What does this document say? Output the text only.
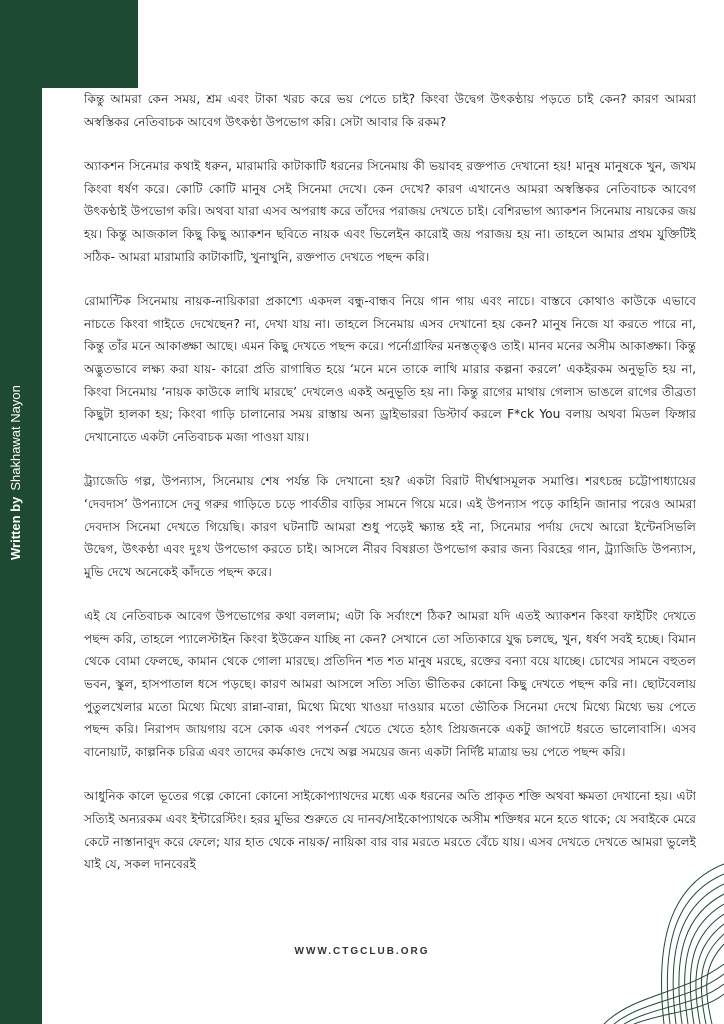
Written byShakhawat Nayon

কিন্তু আমরা কেন সময়, শ্রম এবং টাকা খরচ করে ভয় পেতে চাই? কিংবা উদ্বেগ উৎকণ্ঠায় পড়তে চাই কেন? কারণ আমরা অস্বস্তিকর নেতিবাচক আবেগ উৎকণ্ঠা উপভোগ করি। সেটা আবার কি রকম?

অ্যাকশন সিনেমার কথাই ধরুন, মারামারি কাটাকাটি ধরনের সিনেমায় কী ভয়াবহ রক্তপাত দেখানো হয়! মানুষ মানুষকে খুন, জখম কিংবা ধর্ষণ করে। কোটি কোটি মানুষ সেই সিনেমা দেখে। কেন দেখে? কারণ এখানেও আমরা অস্বস্তিকর নেতিবাচক আবেগ উৎকণ্ঠাই উপভোগ করি। অথবা যারা এসব অপরাধ করে তাঁদের পরাজয় দেখতে চাই। বেশিরভাগ অ্যাকশন সিনেমায় নায়কের জয় হয়। কিন্তু আজকাল কিছু কিছু অ্যাকশন ছবিতে নায়ক এবং ভিলেইন কারোই জয় পরাজয় হয় না। তাহলে আমার প্রথম যুক্তিটিই সঠিক- আমরা মারামারি কাটাকাটি, খুনাখুনি, রক্তপাত দেখতে পছন্দ করি।

রোমান্টিক সিনেমায় নায়ক-নায়িকারা প্রকাশ্যে একদল বন্ধু-বান্ধব নিয়ে গান গায় এবং নাচে। বাস্তবে কোথাও কাউকে এভাবে নাচতে কিংবা গাইতে দেখেছেন? না, দেখা যায় না। তাহলে সিনেমায় এসব দেখানো হয় কেন? মানুষ নিজে যা করতে পারে না, কিন্তু তাঁর মনে আকাঙ্ক্ষা আছে। এমন কিছু দেখতে পছন্দ করে। পর্নোগ্রাফির মনস্তত্ত্বও তাই। মানব মনের অসীম আকাঙ্ক্ষা। কিন্তু অদ্ভুতভাবে লক্ষ্য করা যায়- কারো প্রতি রাগান্বিত হয়ে ‘মনে মনে তাকে লাথি মারার কল্পনা করলে’ একইরকম অনুভূতি হয় না, কিংবা সিনেমায় ‘নায়ক কাউকে লাথি মারছে’ দেখলেও একই অনুভূতি হয় না। কিন্তু রাগের মাথায় গেলাস ভাঙলে রাগের তীব্রতা কিছুটা হালকা হয়; কিংবা গাড়ি চালানোর সময় রাস্তায় অন্য ড্রাইভাররা ডিস্টার্ব করলে F*ck You বলায় অথবা মিডল ফিঙ্গার দেখানোতে একটা নেতিবাচক মজা পাওয়া যায়।

ট্র্যাজেডি গল্প, উপন্যাস, সিনেমায় শেষ পর্যন্ত কি দেখানো হয়? একটা বিরাট দীর্ঘশ্বাসমূলক সমাপ্তি। শরৎচন্দ্র চট্টোপাধ্যায়ের ‘দেবদাস’ উপন্যাসে দেবু গরুর গাড়িতে চড়ে পার্বতীর বাড়ির সামনে গিয়ে মরে। এই উপন্যাস পড়ে কাহিনি জানার পরেও আমরা দেবদাস সিনেমা দেখতে গিয়েছি। কারণ ঘটনাটি আমরা শুধু পড়েই ক্ষ্যান্ত হই না, সিনেমার পর্দায় দেখে আরো ইন্টেনসিভলি উদ্বেগ, উৎকণ্ঠা এবং দুঃখ উপভোগ করতে চাই। আসলে নীরব বিষণ্ণতা উপভোগ করার জন্য বিরহের গান, ট্র্যাজিডি উপন্যাস, মুভি দেখে অনেকেই কাঁদতে পছন্দ করে।

এই যে নেতিবাচক আবেগ উপভোগের কথা বললাম; এটা কি সর্বাংশে ঠিক? আমরা যদি এতই অ্যাকশন কিংবা ফাইটিং দেখতে পছন্দ করি, তাহলে প্যালেস্টাইন কিংবা ইউক্রেন যাচ্ছি না কেন? সেখানে তো সত্যিকারে যুদ্ধ চলছে, খুন, ধর্ষণ সবই হচ্ছে। বিমান থেকে বোমা ফেলছে, কামান থেকে গোলা মারছে। প্রতিদিন শত শত মানুষ মরছে, রক্তের বন্যা বয়ে যাচ্ছে। চোখের সামনে বহুতল ভবন, স্কুল, হাসপাতাল ধসে পড়ছে। কারণ আমরা আসলে সত্যি সত্যি ভীতিকর কোনো কিছু দেখতে পছন্দ করি না। ছোটবেলায় পুতুলখেলার মতো মিথ্যে মিথ্যে রান্না-বান্না, মিথ্যে মিথ্যে খাওয়া দাওয়ার মতো ভৌতিক সিনেমা দেখে মিথ্যে মিথ্যে ভয় পেতে পছন্দ করি। নিরাপদ জায়গায় বসে কোক এবং পপকর্ন খেতে খেতে হঠাৎ প্রিয়জনকে একটু জাপটে ধরতে ভালোবাসি। এসব বানোয়াট, কাল্পনিক চরিত্র এবং তাদের কর্মকাণ্ড দেখে অল্প সময়ের জন্য একটা নির্দিষ্ট মাত্রায় ভয় পেতে পছন্দ করি।

আধুনিক কালে ভূতের গল্পে কোনো কোনো সাইকোপ্যাথদের মধ্যে এক ধরনের অতি প্রাকৃত শক্তি অথবা ক্ষমতা দেখানো হয়। এটা সত্যিই অন্যরকম এবং ইন্টারেস্টিং। হরর মুভির শুরুতে যে দানব/সাইকোপ্যাথকে অসীম শক্তিধর মনে হতে থাকে; যে সবাইকে মেরে কেটে নাস্তানাবুদ করে ফেলে; যার হাত থেকে নায়ক/ নায়িকা বার বার মরতে মরতে বেঁচে যায়। এসব দেখতে দেখতে আমরা ভুলেই যাই যে, সকল দানবেরই

WWW.CTGCLUB.ORG
